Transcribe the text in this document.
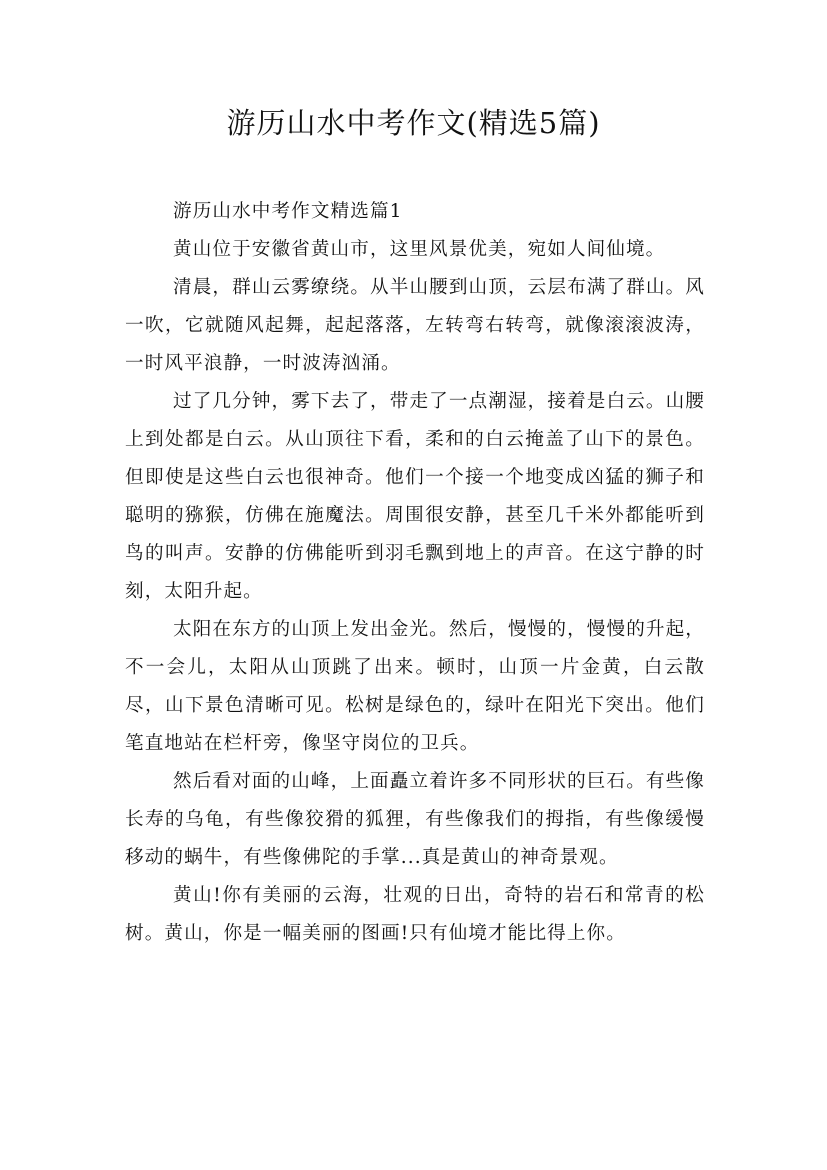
游历山水中考作文(精选5篇)

游历山水中考作文精选篇1

黄山位于安徽省黄山市，这里风景优美，宛如人间仙境。

清晨，群山云雾缭绕。从半山腰到山顶，云层布满了群山。风一吹，它就随风起舞，起起落落，左转弯右转弯，就像滚滚波涛，一时风平浪静，一时波涛汹涌。

过了几分钟，雾下去了，带走了一点潮湿，接着是白云。山腰上到处都是白云。从山顶往下看，柔和的白云掩盖了山下的景色。但即使是这些白云也很神奇。他们一个接一个地变成凶猛的狮子和聪明的猕猴，仿佛在施魔法。周围很安静，甚至几千米外都能听到鸟的叫声。安静的仿佛能听到羽毛飘到地上的声音。在这宁静的时刻，太阳升起。

太阳在东方的山顶上发出金光。然后，慢慢的，慢慢的升起，不一会儿，太阳从山顶跳了出来。顿时，山顶一片金黄，白云散尽，山下景色清晰可见。松树是绿色的，绿叶在阳光下突出。他们笔直地站在栏杆旁，像坚守岗位的卫兵。

然后看对面的山峰，上面矗立着许多不同形状的巨石。有些像长寿的乌龟，有些像狡猾的狐狸，有些像我们的拇指，有些像缓慢移动的蜗牛，有些像佛陀的手掌...真是黄山的神奇景观。

黄山!你有美丽的云海，壮观的日出，奇特的岩石和常青的松树。黄山，你是一幅美丽的图画!只有仙境才能比得上你。
